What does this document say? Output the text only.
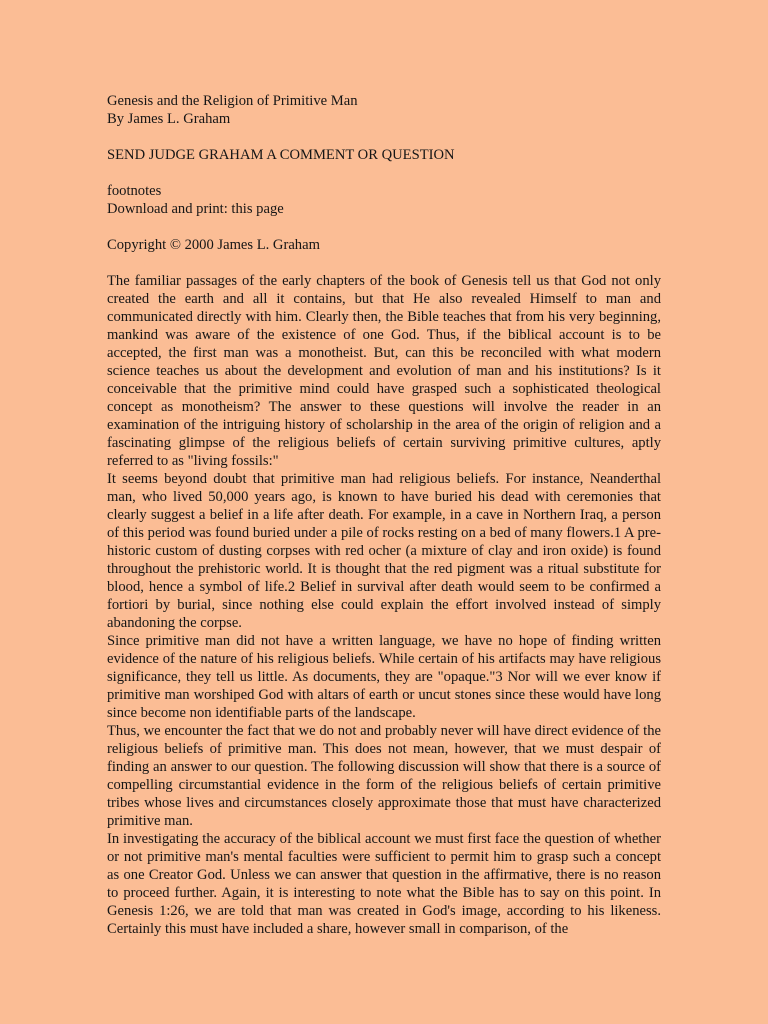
Genesis and the Religion of Primitive Man

By James L. Graham

SEND JUDGE GRAHAM A COMMENT OR QUESTION

footnotes

Download and print: this page

Copyright © 2000 James L. Graham

The familiar passages of the early chapters of the book of Genesis tell us that God not only created the earth and all it contains, but that He also revealed Himself to man and communicated directly with him. Clearly then, the Bible teaches that from his very beginning, mankind was aware of the existence of one God. Thus, if the biblical account is to be accepted, the first man was a monotheist. But, can this be reconciled with what modern science teaches us about the development and evolution of man and his institutions? Is it conceivable that the primitive mind could have grasped such a sophisticated theological concept as monotheism? The answer to these questions will involve the reader in an examination of the intriguing history of scholarship in the area of the origin of religion and a fascinating glimpse of the religious beliefs of certain surviving primitive cultures, aptly referred to as "living fossils:"

It seems beyond doubt that primitive man had religious beliefs. For instance, Neanderthal man, who lived 50,000 years ago, is known to have buried his dead with ceremonies that clearly suggest a belief in a life after death. For example, in a cave in Northern Iraq, a person of this period was found buried under a pile of rocks resting on a bed of many flowers.1 A pre-historic custom of dusting corpses with red ocher (a mixture of clay and iron oxide) is found throughout the prehistoric world. It is thought that the red pigment was a ritual substitute for blood, hence a symbol of life.2 Belief in survival after death would seem to be confirmed a fortiori by burial, since nothing else could explain the effort involved instead of simply abandoning the corpse.

Since primitive man did not have a written language, we have no hope of finding written evidence of the nature of his religious beliefs. While certain of his artifacts may have religious significance, they tell us little. As documents, they are "opaque."3 Nor will we ever know if primitive man worshiped God with altars of earth or uncut stones since these would have long since become non identifiable parts of the landscape.

Thus, we encounter the fact that we do not and probably never will have direct evidence of the religious beliefs of primitive man. This does not mean, however, that we must despair of finding an answer to our question. The following discussion will show that there is a source of compelling circumstantial evidence in the form of the religious beliefs of certain primitive tribes whose lives and circumstances closely approximate those that must have characterized primitive man.

In investigating the accuracy of the biblical account we must first face the question of whether or not primitive man's mental faculties were sufficient to permit him to grasp such a concept as one Creator God. Unless we can answer that question in the affirmative, there is no reason to proceed further. Again, it is interesting to note what the Bible has to say on this point. In Genesis 1:26, we are told that man was created in God's image, according to his likeness. Certainly this must have included a share, however small in comparison, of the
